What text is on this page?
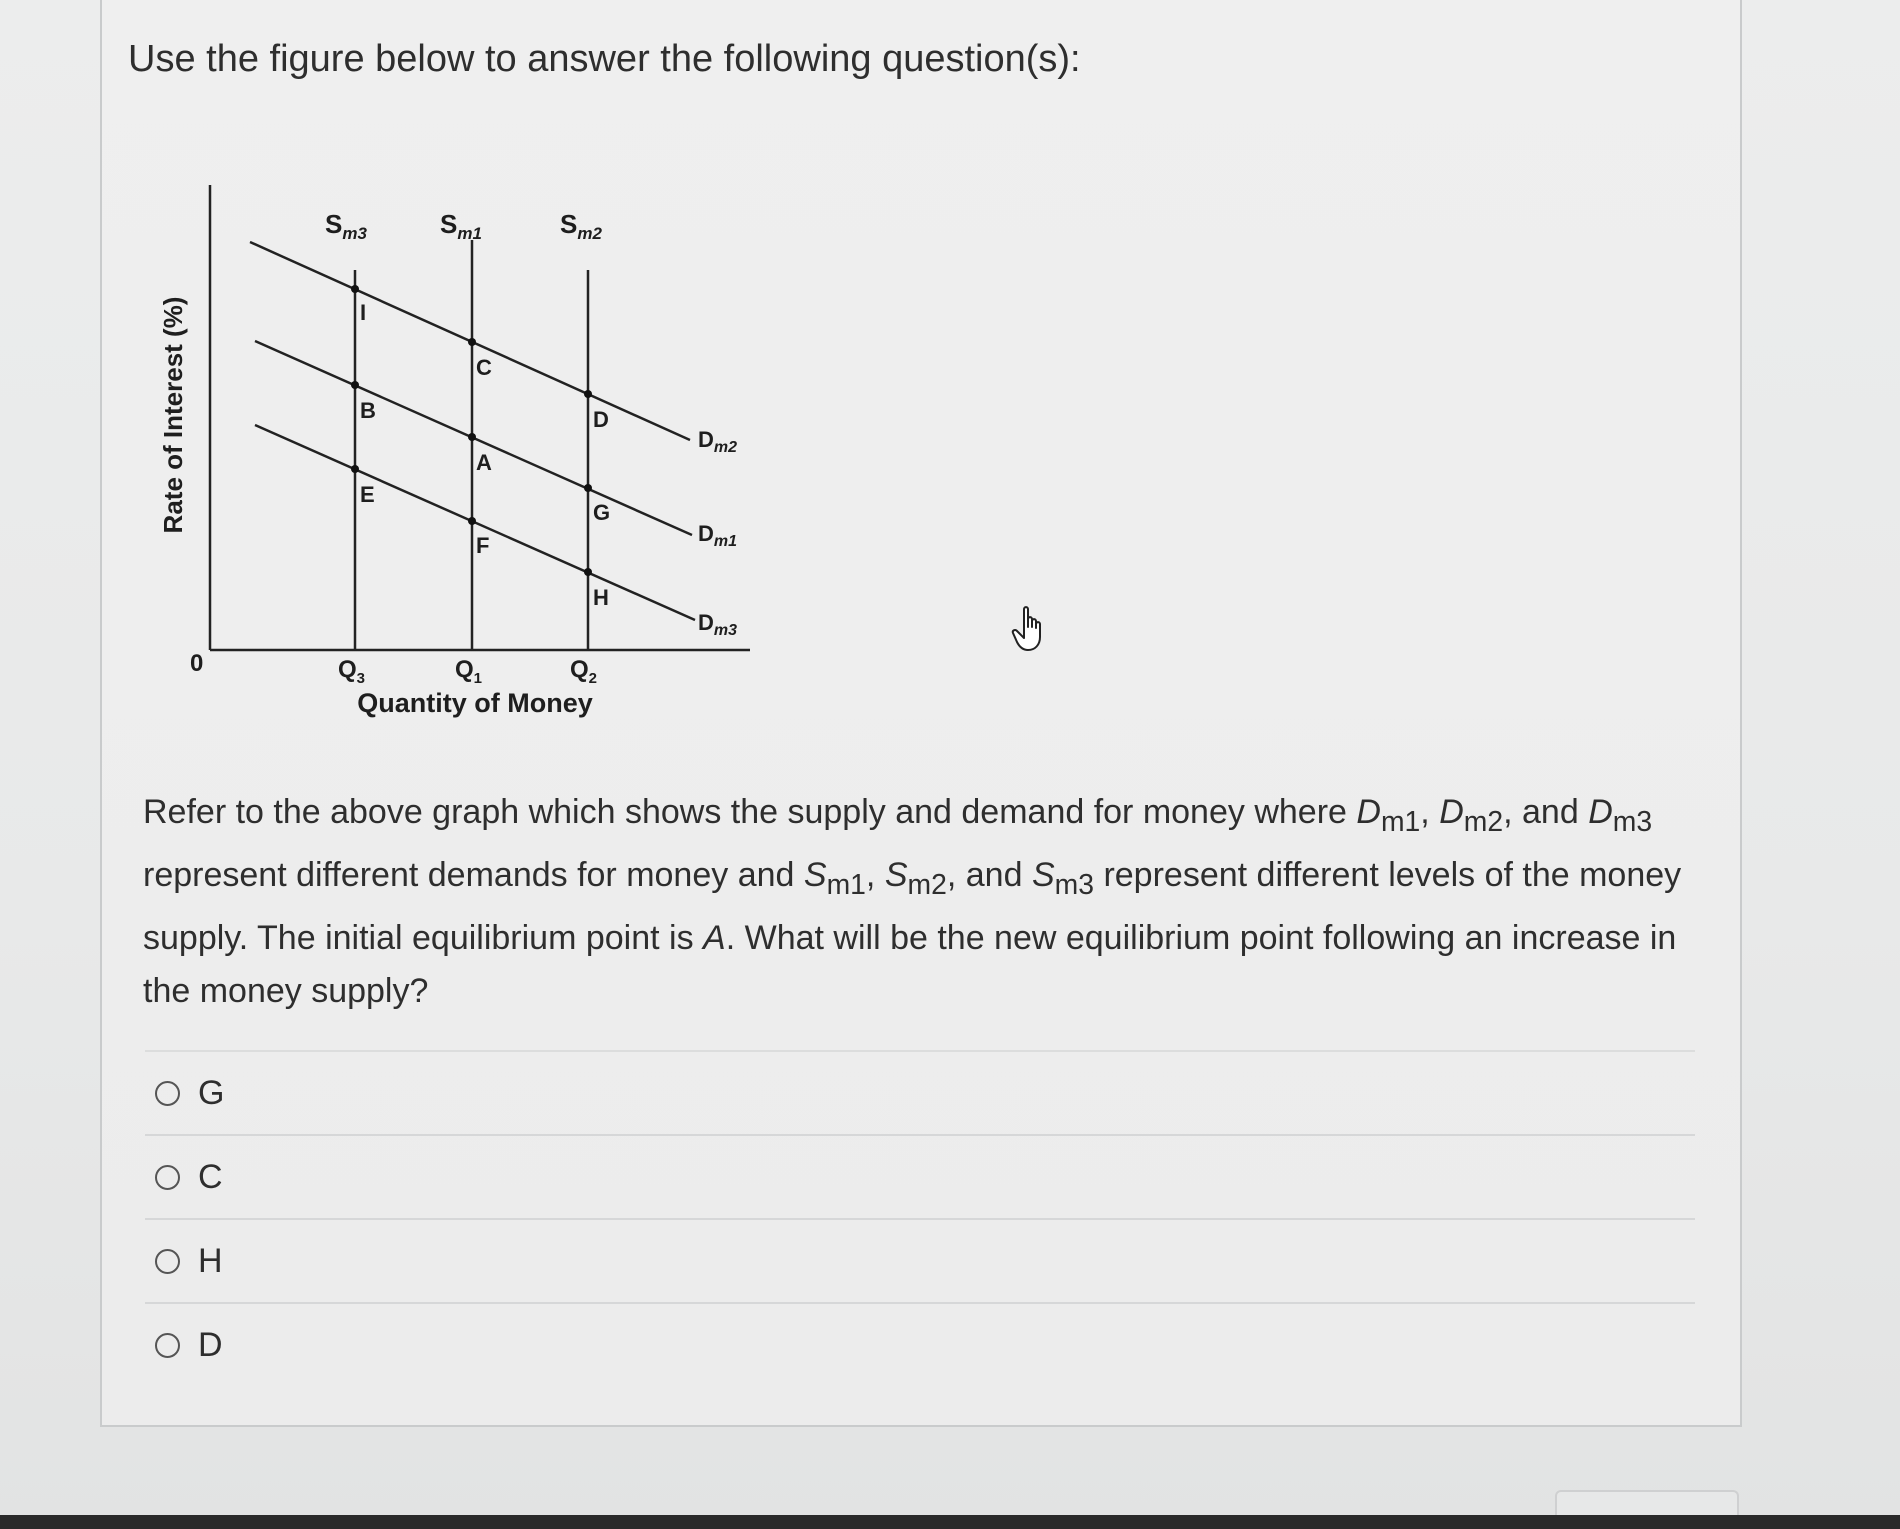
Use the figure below to answer the following question(s):
I
C
D
B
A
G
E
F
H
$S_{m3}$	$S_{m1}$	$S_{m2}$
$D_{m2}$
$D_{m1}$
$D_{m3}$
0	$Q_3$	$Q_1$	$Q_2$
Quantity of Money
Rate of Interest (%)

Refer to the above graph which shows the supply and demand for money where $D_{m1}$, $D_{m2}$, and $D_{m3}$ represent different demands for money and $S_{m1}$, $S_{m2}$, and $S_{m3}$ represent different levels of the money supply. The initial equilibrium point is A. What will be the new equilibrium point following an increase in the money supply?

G
C
H
D
